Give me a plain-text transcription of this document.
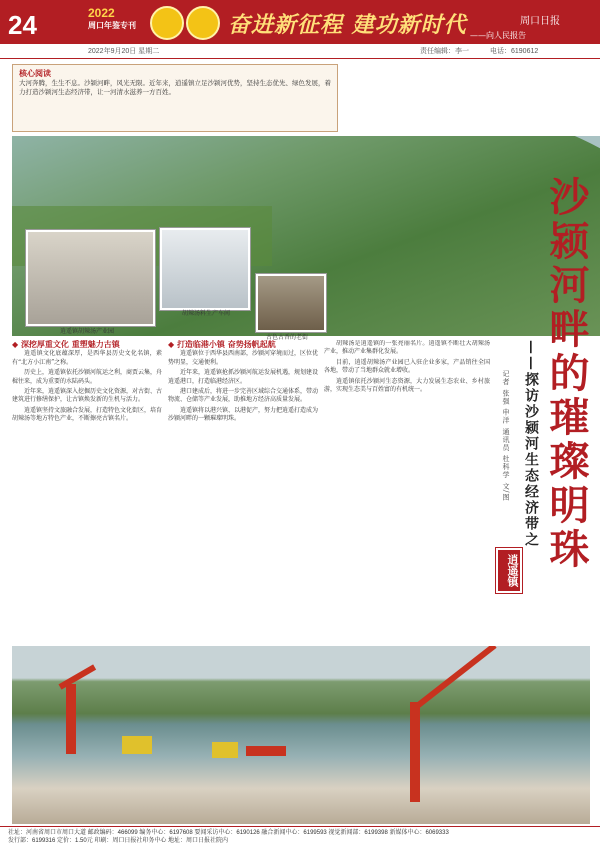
24	2022
周口年鉴专刊	奋进新征程 建功新时代	周口日报
——向人民报告
2022年9月20日 星期二	责任编辑：李一	电话：6190612
核心阅读
大河奔腾，生生不息。沙颍河畔，风光无限。近年来，逍遥镇立足沙颍河优势，坚持生态优先、绿色发展，着力打造沙颍河生态经济带，让一河清水滋养一方百姓。
逍遥镇胡辣汤产业园
胡辣汤料生产车间
古色古香的老街	沙颍河畔的璀璨明珠
——探访沙颍河生态经济带之
记者 张强 申洋 通讯员 杜科学 文/图
逍遥镇

◆ 深挖厚重文化 重塑魅力古镇

逍遥镇文化底蕴深厚，是西华县历史文化名镇，素有“北方小江南”之称。

历史上，逍遥镇依托沙颍河航运之利，商贾云集，舟楫往来，成为重要的水陆码头。

近年来，逍遥镇深入挖掘历史文化资源，对古街、古建筑进行修缮保护，让古镇焕发新的生机与活力。

逍遥镇坚持文旅融合发展，打造特色文化街区，培育胡辣汤等地方特色产业，不断擦亮古镇名片。

◆ 打造临港小镇 奋势扬帆起航

逍遥镇位于西华县西南部，沙颍河穿境而过，区位优势明显，交通便利。

近年来，逍遥镇抢抓沙颍河航运发展机遇，规划建设逍遥港口，打造临港经济区。

港口建成后，将进一步完善区域综合交通体系，带动物流、仓储等产业发展，助推地方经济高质量发展。

逍遥镇将以港兴镇、以港促产，努力把逍遥打造成为沙颍河畔的一颗璀璨明珠。

胡辣汤是逍遥镇的一张亮丽名片。逍遥镇不断壮大胡辣汤产业，推动产业集群化发展。

目前，逍遥胡辣汤产业园已入驻企业多家，产品销往全国各地，带动了当地群众就业增收。

逍遥镇依托沙颍河生态资源，大力发展生态农业、乡村旅游，实现生态美与百姓富的有机统一。

社址：河南省周口市周口大道 邮政编码：466099 编务中心：6197608 要闻采访中心：6190126 融合新闻中心：6199593 视觉新闻部：6199398 新媒体中心：6069333
发行部：6199316 定价：1.50元 印刷：周口日报社印务中心 地址：周口日报社院内
